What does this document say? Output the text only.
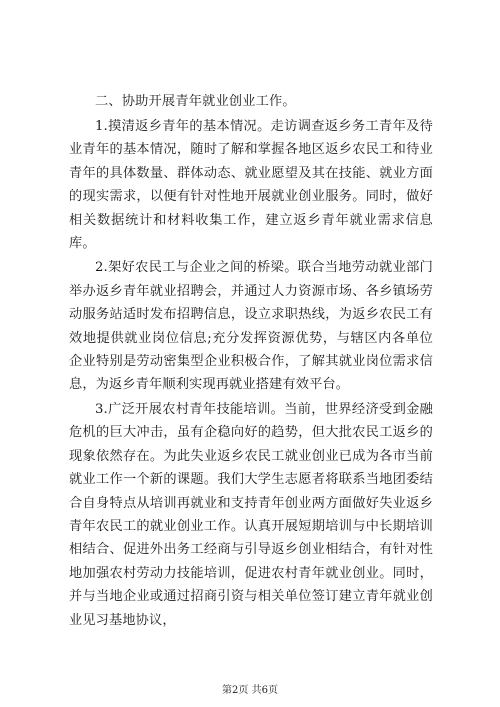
二、协助开展青年就业创业工作。

1.摸清返乡青年的基本情况。走访调查返乡务工青年及待业青年的基本情况，随时了解和掌握各地区返乡农民工和待业青年的具体数量、群体动态、就业愿望及其在技能、就业方面的现实需求，以便有针对性地开展就业创业服务。同时，做好相关数据统计和材料收集工作，建立返乡青年就业需求信息库。

2.架好农民工与企业之间的桥梁。联合当地劳动就业部门举办返乡青年就业招聘会，并通过人力资源市场、各乡镇场劳动服务站适时发布招聘信息，设立求职热线，为返乡农民工有效地提供就业岗位信息;充分发挥资源优势，与辖区内各单位企业特别是劳动密集型企业积极合作，了解其就业岗位需求信息，为返乡青年顺利实现再就业搭建有效平台。

3.广泛开展农村青年技能培训。当前，世界经济受到金融危机的巨大冲击，虽有企稳向好的趋势，但大批农民工返乡的现象依然存在。为此失业返乡农民工就业创业已成为各市当前就业工作一个新的课题。我们大学生志愿者将联系当地团委结合自身特点从培训再就业和支持青年创业两方面做好失业返乡青年农民工的就业创业工作。认真开展短期培训与中长期培训相结合、促进外出务工经商与引导返乡创业相结合，有针对性地加强农村劳动力技能培训，促进农村青年就业创业。同时，并与当地企业或通过招商引资与相关单位签订建立青年就业创业见习基地协议，

第2页 共6页
